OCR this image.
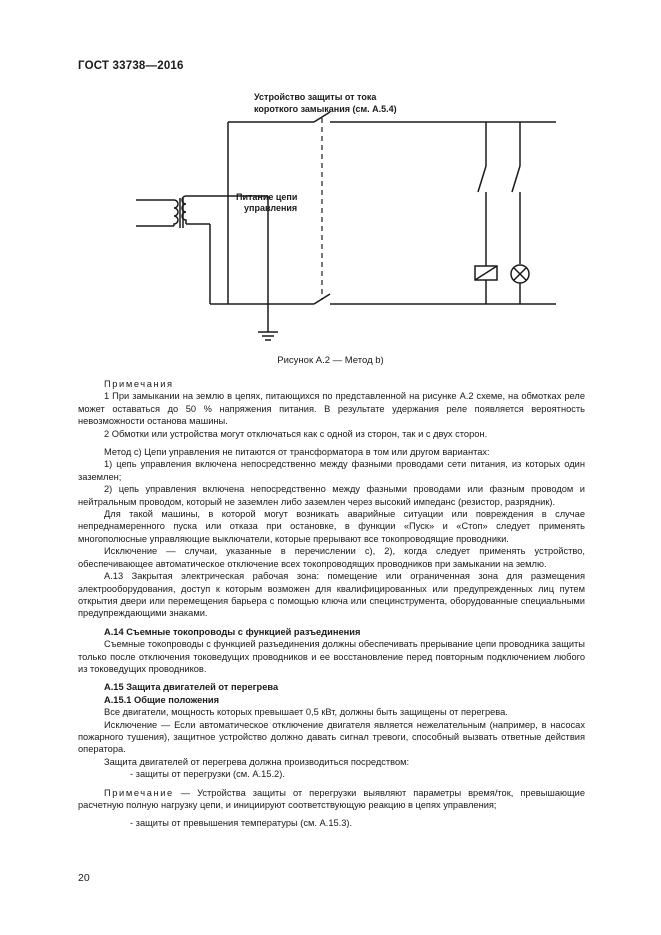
ГОСТ 33738—2016
Устройство защиты от тока
короткого замыкания (см. А.5.4)
Питание цепи
управления
Рисунок А.2 — Метод b)

Примечания

1 При замыкании на землю в цепях, питающихся по представленной на рисунке А.2 схеме, на обмотках реле может оставаться до 50 % напряжения питания. В результате удержания реле появляется вероятность невозможности останова машины.

2 Обмотки или устройства могут отключаться как с одной из сторон, так и с двух сторон.

Метод с) Цепи управления не питаются от трансформатора в том или другом вариантах:

1) цепь управления включена непосредственно между фазными проводами сети питания, из которых один заземлен;

2) цепь управления включена непосредственно между фазными проводами или фазным проводом и нейтральным проводом, который не заземлен либо заземлен через высокий импеданс (резистор, разрядник).

Для такой машины, в которой могут возникать аварийные ситуации или повреждения в случае непреднамеренного пуска или отказа при остановке, в функции «Пуск» и «Стоп» следует применять многополюсные управляющие выключатели, которые прерывают все токопроводящие проводники.

Исключение — случаи, указанные в перечислении с), 2), когда следует применять устройство, обеспечивающее автоматическое отключение всех токопроводящих проводников при замыкании на землю.

А.13 Закрытая электрическая рабочая зона: помещение или ограниченная зона для размещения электрооборудования, доступ к которым возможен для квалифицированных или предупрежденных лиц путем открытия двери или перемещения барьера с помощью ключа или специнструмента, оборудованные специальными предупреждающими знаками.

А.14 Съемные токопроводы с функцией разъединения

Съемные токопроводы с функцией разъединения должны обеспечивать прерывание цепи проводника защиты только после отключения токоведущих проводников и ее восстановление перед повторным подключением любого из токоведущих проводников.

А.15 Защита двигателей от перегрева

А.15.1 Общие положения

Все двигатели, мощность которых превышает 0,5 кВт, должны быть защищены от перегрева.

Исключение — Если автоматическое отключение двигателя является нежелательным (например, в насосах пожарного тушения), защитное устройство должно давать сигнал тревоги, способный вызвать ответные действия оператора.

Защита двигателей от перегрева должна производиться посредством:

- защиты от перегрузки (см. А.15.2).

Примечание — Устройства защиты от перегрузки выявляют параметры время/ток, превышающие расчетную полную нагрузку цепи, и инициируют соответствующую реакцию в цепях управления;

- защиты от превышения температуры (см. А.15.3).

20
